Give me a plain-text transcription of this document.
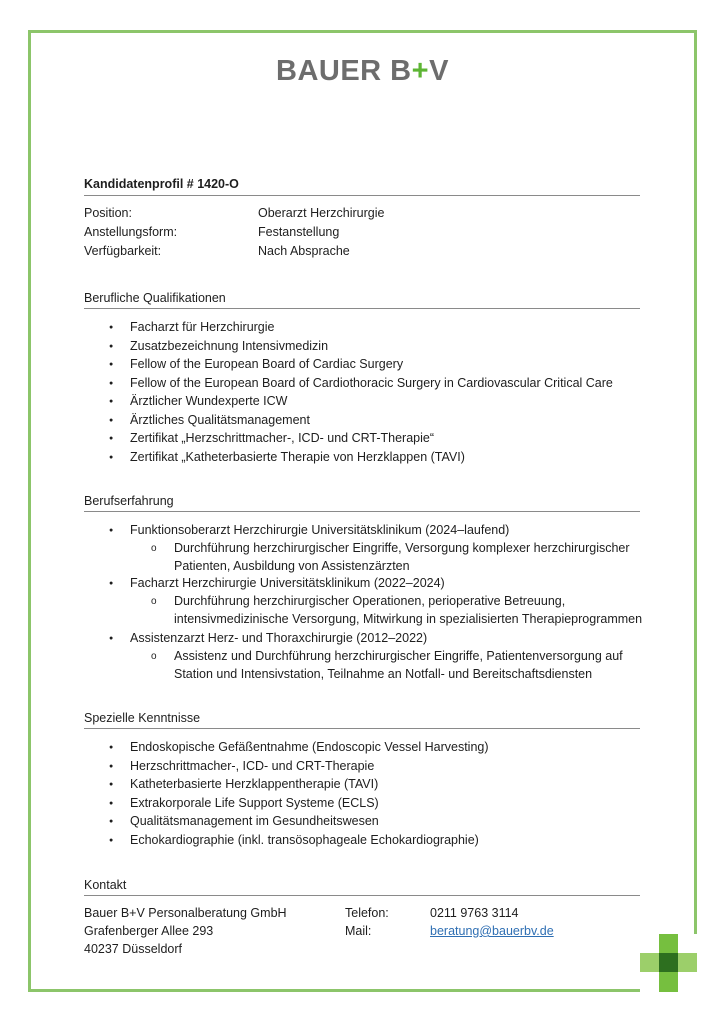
BAUER B+V
Kandidatenprofil # 1420-O
Position:	Oberarzt Herzchirurgie
Anstellungsform:	Festanstellung
Verfügbarkeit:	Nach Absprache
Berufliche Qualifikationen
● Facharzt für Herzchirurgie
● Zusatzbezeichnung Intensivmedizin
● Fellow of the European Board of Cardiac Surgery
● Fellow of the European Board of Cardiothoracic Surgery in Cardiovascular Critical Care
● Ärztlicher Wundexperte ICW
● Ärztliches Qualitätsmanagement
● Zertifikat „Herzschrittmacher-, ICD- und CRT-Therapie“
● Zertifikat „Katheterbasierte Therapie von Herzklappen (TAVI)
Berufserfahrung
● Funktionsoberarzt Herzchirurgie Universitätsklinikum (2024–laufend)
o Durchführung herzchirurgischer Eingriffe, Versorgung komplexer herzchirurgischer
Patienten, Ausbildung von Assistenzärzten
● Facharzt Herzchirurgie Universitätsklinikum (2022–2024)
o Durchführung herzchirurgischer Operationen, perioperative Betreuung,
intensivmedizinische Versorgung, Mitwirkung in spezialisierten Therapieprogrammen
● Assistenzarzt Herz- und Thoraxchirurgie (2012–2022)
o Assistenz und Durchführung herzchirurgischer Eingriffe, Patientenversorgung auf
Station und Intensivstation, Teilnahme an Notfall- und Bereitschaftsdiensten
Spezielle Kenntnisse
● Endoskopische Gefäßentnahme (Endoscopic Vessel Harvesting)
● Herzschrittmacher-, ICD- und CRT-Therapie
● Katheterbasierte Herzklappentherapie (TAVI)
● Extrakorporale Life Support Systeme (ECLS)
● Qualitätsmanagement im Gesundheitswesen
● Echokardiographie (inkl. transösophageale Echokardiographie)
Kontakt
Bauer B+V Personalberatung GmbH
Grafenberger Allee 293
40237 Düsseldorf
Telefon:	0211 9763 3114
Mail:	beratung@bauerbv.de
